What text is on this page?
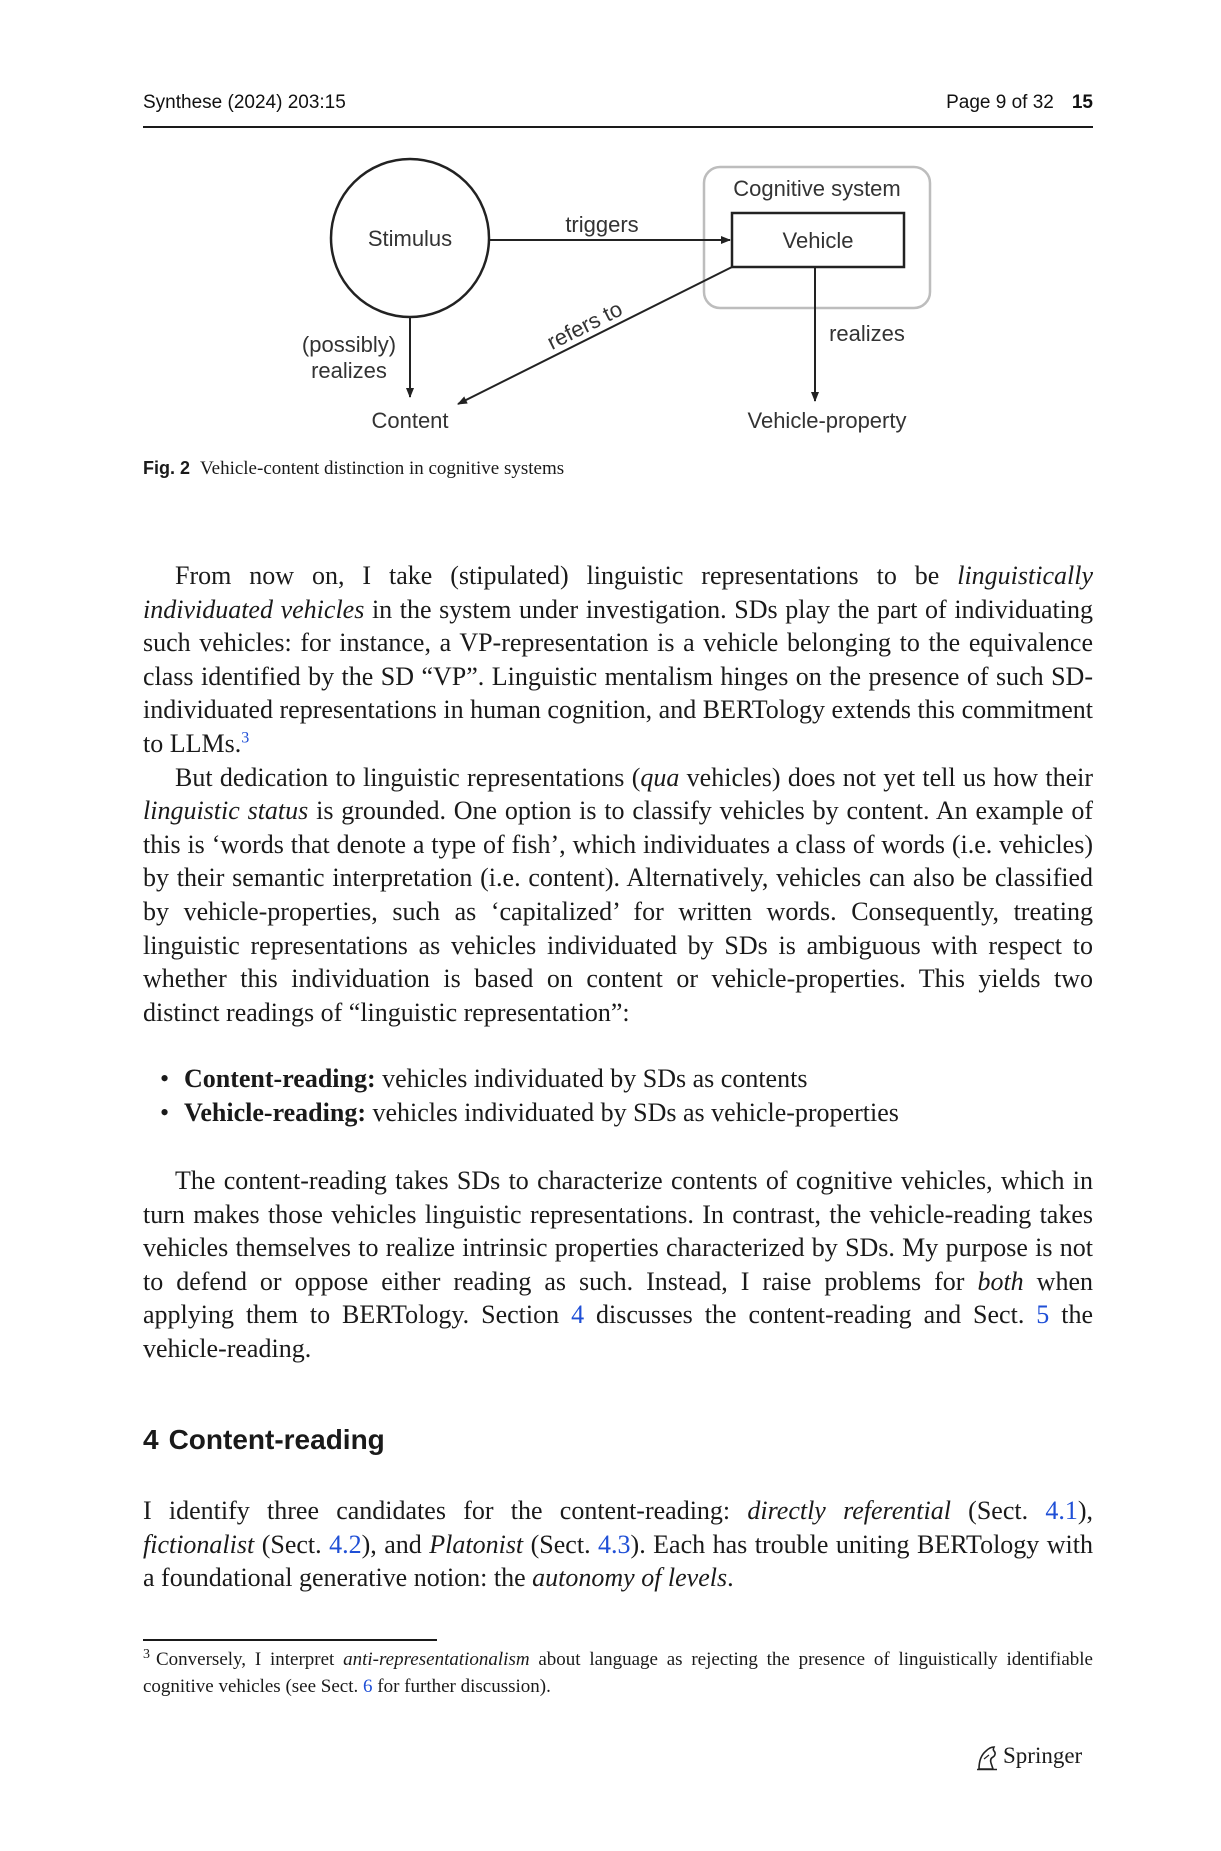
Synthese (2024) 203:15	Page 9 of 32 15
Stimulus
Cognitive system
Vehicle
triggers
(possibly)
realizes
refers to	realizes
Content	Vehicle-property
Fig. 2 Vehicle-content distinction in cognitive systems

From now on, I take (stipulated) linguistic representations to be linguistically individuated vehicles in the system under investigation. SDs play the part of individuating such vehicles: for instance, a VP-representation is a vehicle belonging to the equivalence class identified by the SD “VP”. Linguistic mentalism hinges on the presence of such SD-individuated representations in human cognition, and BERTology extends this commitment to LLMs.$^3$

But dedication to linguistic representations (qua vehicles) does not yet tell us how their linguistic status is grounded. One option is to classify vehicles by content. An example of this is ‘words that denote a type of fish’, which individuates a class of words (i.e. vehicles) by their semantic interpretation (i.e. content). Alternatively, vehicles can also be classified by vehicle-properties, such as ‘capitalized’ for written words. Consequently, treating linguistic representations as vehicles individuated by SDs is ambiguous with respect to whether this individuation is based on content or vehicle-properties. This yields two distinct readings of “linguistic representation”:

• Content-reading: vehicles individuated by SDs as contents
• Vehicle-reading: vehicles individuated by SDs as vehicle-properties

The content-reading takes SDs to characterize contents of cognitive vehicles, which in turn makes those vehicles linguistic representations. In contrast, the vehicle-reading takes vehicles themselves to realize intrinsic properties characterized by SDs. My purpose is not to defend or oppose either reading as such. Instead, I raise problems for both when applying them to BERTology. Section 4 discusses the content-reading and Sect. 5 the vehicle-reading.

4 Content-reading

I identify three candidates for the content-reading: directly referential (Sect. 4.1), fictionalist (Sect. 4.2), and Platonist (Sect. 4.3). Each has trouble uniting BERTology with a foundational generative notion: the autonomy of levels.

$^3$ Conversely, I interpret anti-representationalism about language as rejecting the presence of linguistically identifiable cognitive vehicles (see Sect. 6 for further discussion).
Springer
